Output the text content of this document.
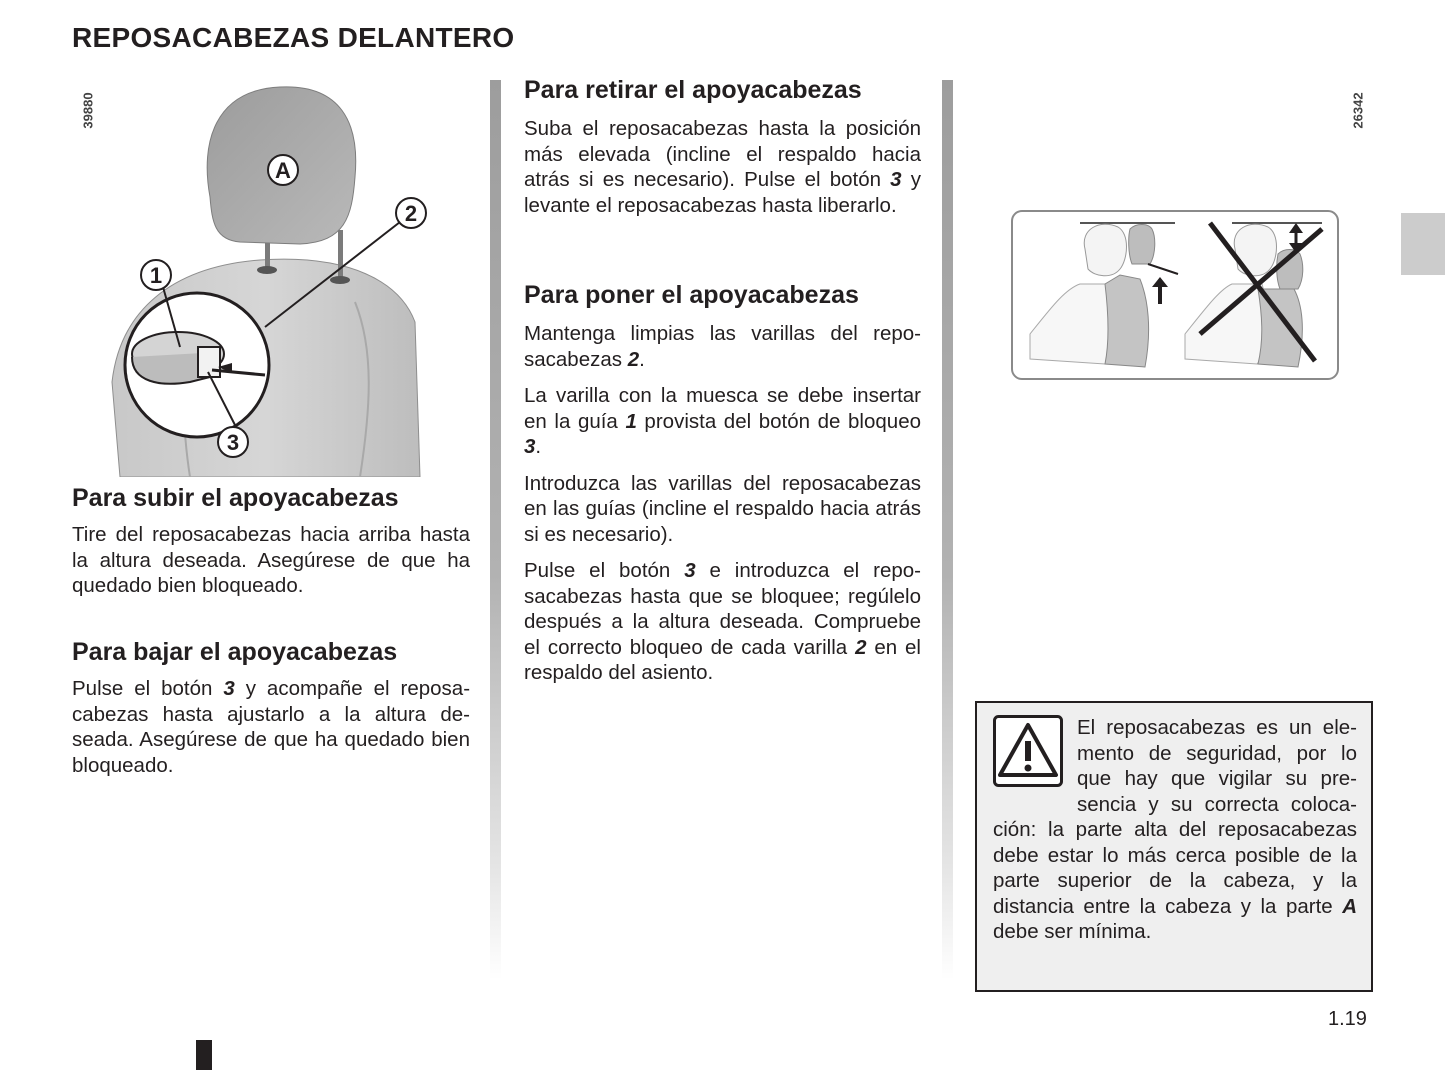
REPOSACABEZAS DELANTERO
39880
A
1
2
3
Para subir el apoyacabezas

Tire del reposacabezas hacia arriba hasta la altura deseada. Asegúrese de que ha quedado bien bloqueado.

Para bajar el apoyacabezas

Pulse el botón 3 y acompañe el reposacabezas hasta ajustarlo a la altura deseada. Asegúrese de que ha quedado bien bloqueado.

Para retirar el apoyacabezas

Suba el reposacabezas hasta la posición más elevada (incline el respaldo hacia atrás si es necesario). Pulse el botón 3 y levante el reposacabezas hasta liberarlo.

Para poner el apoyacabezas

Mantenga limpias las varillas del reposacabezas 2.

La varilla con la muesca se debe insertar en la guía 1 provista del botón de bloqueo 3.

Introduzca las varillas del reposacabezas en las guías (incline el respaldo hacia atrás si es necesario).

Pulse el botón 3 e introduzca el reposacabezas hasta que se bloquee; regúlelo después a la altura deseada. Compruebe el correcto bloqueo de cada varilla 2 en el respaldo del asiento.

26342

El reposacabezas es un elemento de seguridad, por lo que hay que vigilar su presencia y su correcta colocación: la parte alta del reposacabezas debe estar lo más cerca posible de la parte superior de la cabeza, y la distancia entre la cabeza y la parte A debe ser mínima.

1.19
